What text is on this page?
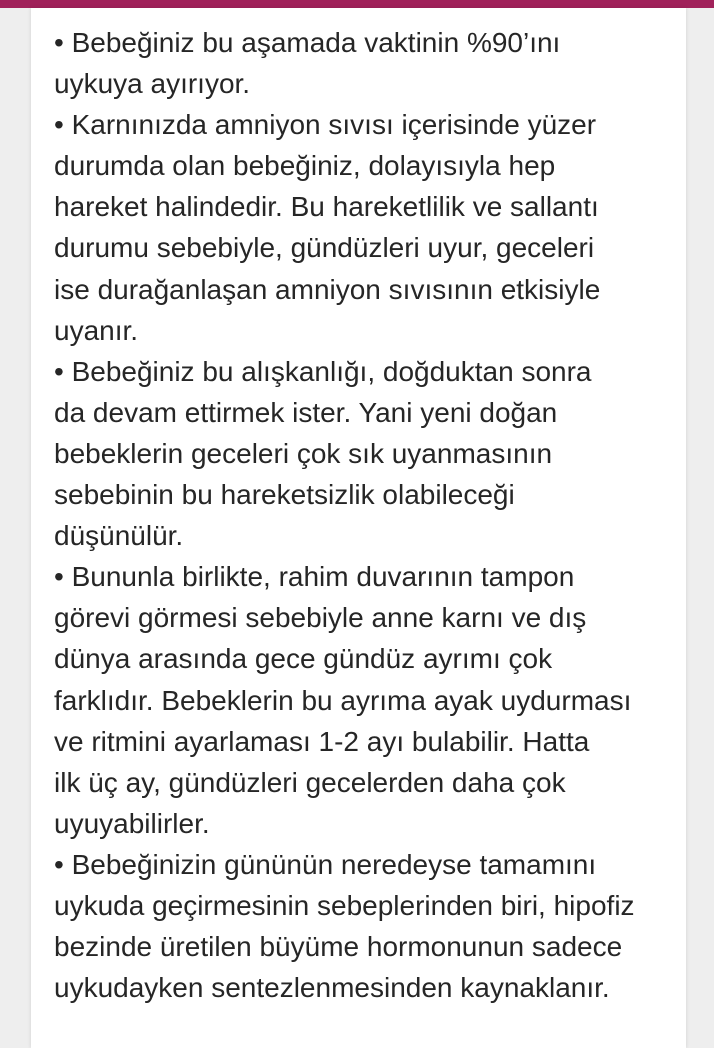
• Bebeğiniz bu aşamada vaktinin %90’ını
uykuya ayırıyor.

• Karnınızda amniyon sıvısı içerisinde yüzer
durumda olan bebeğiniz, dolayısıyla hep
hareket halindedir. Bu hareketlilik ve sallantı
durumu sebebiyle, gündüzleri uyur, geceleri
ise durağanlaşan amniyon sıvısının etkisiyle
uyanır.

• Bebeğiniz bu alışkanlığı, doğduktan sonra
da devam ettirmek ister. Yani yeni doğan
bebeklerin geceleri çok sık uyanmasının
sebebinin bu hareketsizlik olabileceği
düşünülür.

• Bununla birlikte, rahim duvarının tampon
görevi görmesi sebebiyle anne karnı ve dış
dünya arasında gece gündüz ayrımı çok
farklıdır. Bebeklerin bu ayrıma ayak uydurması
ve ritmini ayarlaması 1-2 ayı bulabilir. Hatta
ilk üç ay, gündüzleri gecelerden daha çok
uyuyabilirler.

• Bebeğinizin gününün neredeyse tamamını
uykuda geçirmesinin sebeplerinden biri, hipofiz
bezinde üretilen büyüme hormonunun sadece
uykudayken sentezlenmesinden kaynaklanır.
